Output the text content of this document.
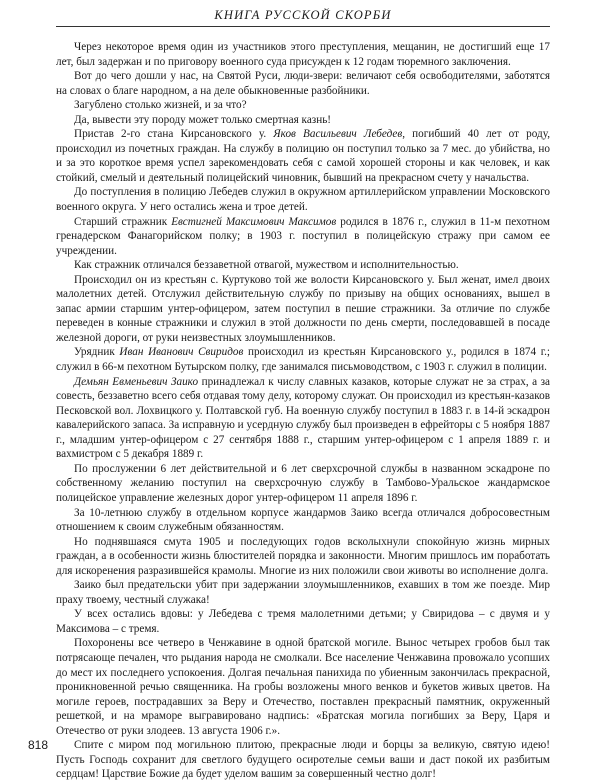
КНИГА РУССКОЙ СКОРБИ

Через некоторое время один из участников этого преступления, мещанин, не достигший еще 17 лет, был задержан и по приговору военного суда присужден к 12 годам тюремного заключения.

Вот до чего дошли у нас, на Святой Руси, люди-звери: величают себя освободителями, заботятся на словах о благе народном, а на деле обыкновенные разбойники.

Загублено столько жизней, и за что?

Да, вывести эту породу может только смертная казнь!

Пристав 2-го стана Кирсановского у. Яков Васильевич Лебедев, погибший 40 лет от роду, происходил из почетных граждан. На службу в полицию он поступил только за 7 мес. до убийства, но и за это короткое время успел зарекомендовать себя с самой хорошей стороны и как человек, и как стойкий, смелый и деятельный полицейский чиновник, бывший на прекрасном счету у начальства.

До поступления в полицию Лебедев служил в окружном артиллерийском управлении Московского военного округа. У него остались жена и трое детей.

Старший стражник Евстигней Максимович Максимов родился в 1876 г., служил в 11-м пехотном гренадерском Фанагорийском полку; в 1903 г. поступил в полицейскую стражу при самом ее учреждении.

Как стражник отличался беззаветной отвагой, мужеством и исполнительностью.

Происходил он из крестьян с. Куртуково той же волости Кирсановского у. Был женат, имел двоих малолетних детей. Отслужил действительную службу по призыву на общих основаниях, вышел в запас армии старшим унтер-офицером, затем поступил в пешие стражники. За отличие по службе переведен в конные стражники и служил в этой должности по день смерти, последовавшей в посаде железной дороги, от руки неизвестных злоумышленников.

Урядник Иван Иванович Свиридов происходил из крестьян Кирсановского у., родился в 1874 г.; служил в 66-м пехотном Бутырском полку, где занимался письмоводством, с 1903 г. служил в полиции.

Демьян Евменьевич Заико принадлежал к числу славных казаков, которые служат не за страх, а за совесть, беззаветно всего себя отдавая тому делу, которому служат. Он происходил из крестьян-казаков Песковской вол. Лохвицкого у. Полтавской губ. На военную службу поступил в 1883 г. в 14-й эскадрон кавалерийского запаса. За исправную и усердную службу был произведен в ефрейторы с 5 ноября 1887 г., младшим унтер-офицером с 27 сентября 1888 г., старшим унтер-офицером с 1 апреля 1889 г. и вахмистром с 5 декабря 1889 г.

По прослужении 6 лет действительной и 6 лет сверхсрочной службы в названном эскадроне по собственному желанию поступил на сверхсрочную службу в Тамбово-Уральское жандармское полицейское управление железных дорог унтер-офицером 11 апреля 1896 г.

За 10-летнюю службу в отдельном корпусе жандармов Заико всегда отличался добросовестным отношением к своим служебным обязанностям.

Но поднявшаяся смута 1905 и последующих годов всколыхнули спокойную жизнь мирных граждан, а в особенности жизнь блюстителей порядка и законности. Многим пришлось им поработать для искоренения разразившейся крамолы. Многие из них положили свои животы во исполнение долга.

Заико был предательски убит при задержании злоумышленников, ехавших в том же поезде. Мир праху твоему, честный служака!

У всех остались вдовы: у Лебедева с тремя малолетними детьми; у Свиридова – с двумя и у Максимова – с тремя.

Похоронены все четверо в Ченжавине в одной братской могиле. Вынос четырех гробов был так потрясающе печален, что рыдания народа не смолкали. Все население Ченжавина провожало усопших до мест их последнего успокоения. Долгая печальная панихида по убиенным закончилась прекрасной, проникновенной речью священника. На гробы возложены много венков и букетов живых цветов. На могиле героев, пострадавших за Веру и Отечество, поставлен прекрасный памятник, окруженный решеткой, и на мраморе выгравировано надпись: «Братская могила погибших за Веру, Царя и Отечество от руки злодеев. 13 августа 1906 г.».

Спите с миром под могильною плитою, прекрасные люди и борцы за великую, святую идею! Пусть Господь сохранит для светлого будущего осиротелые семьи ваши и даст покой их разбитым сердцам! Царствие Божие да будет уделом вашим за совершенный честно долг!

818
